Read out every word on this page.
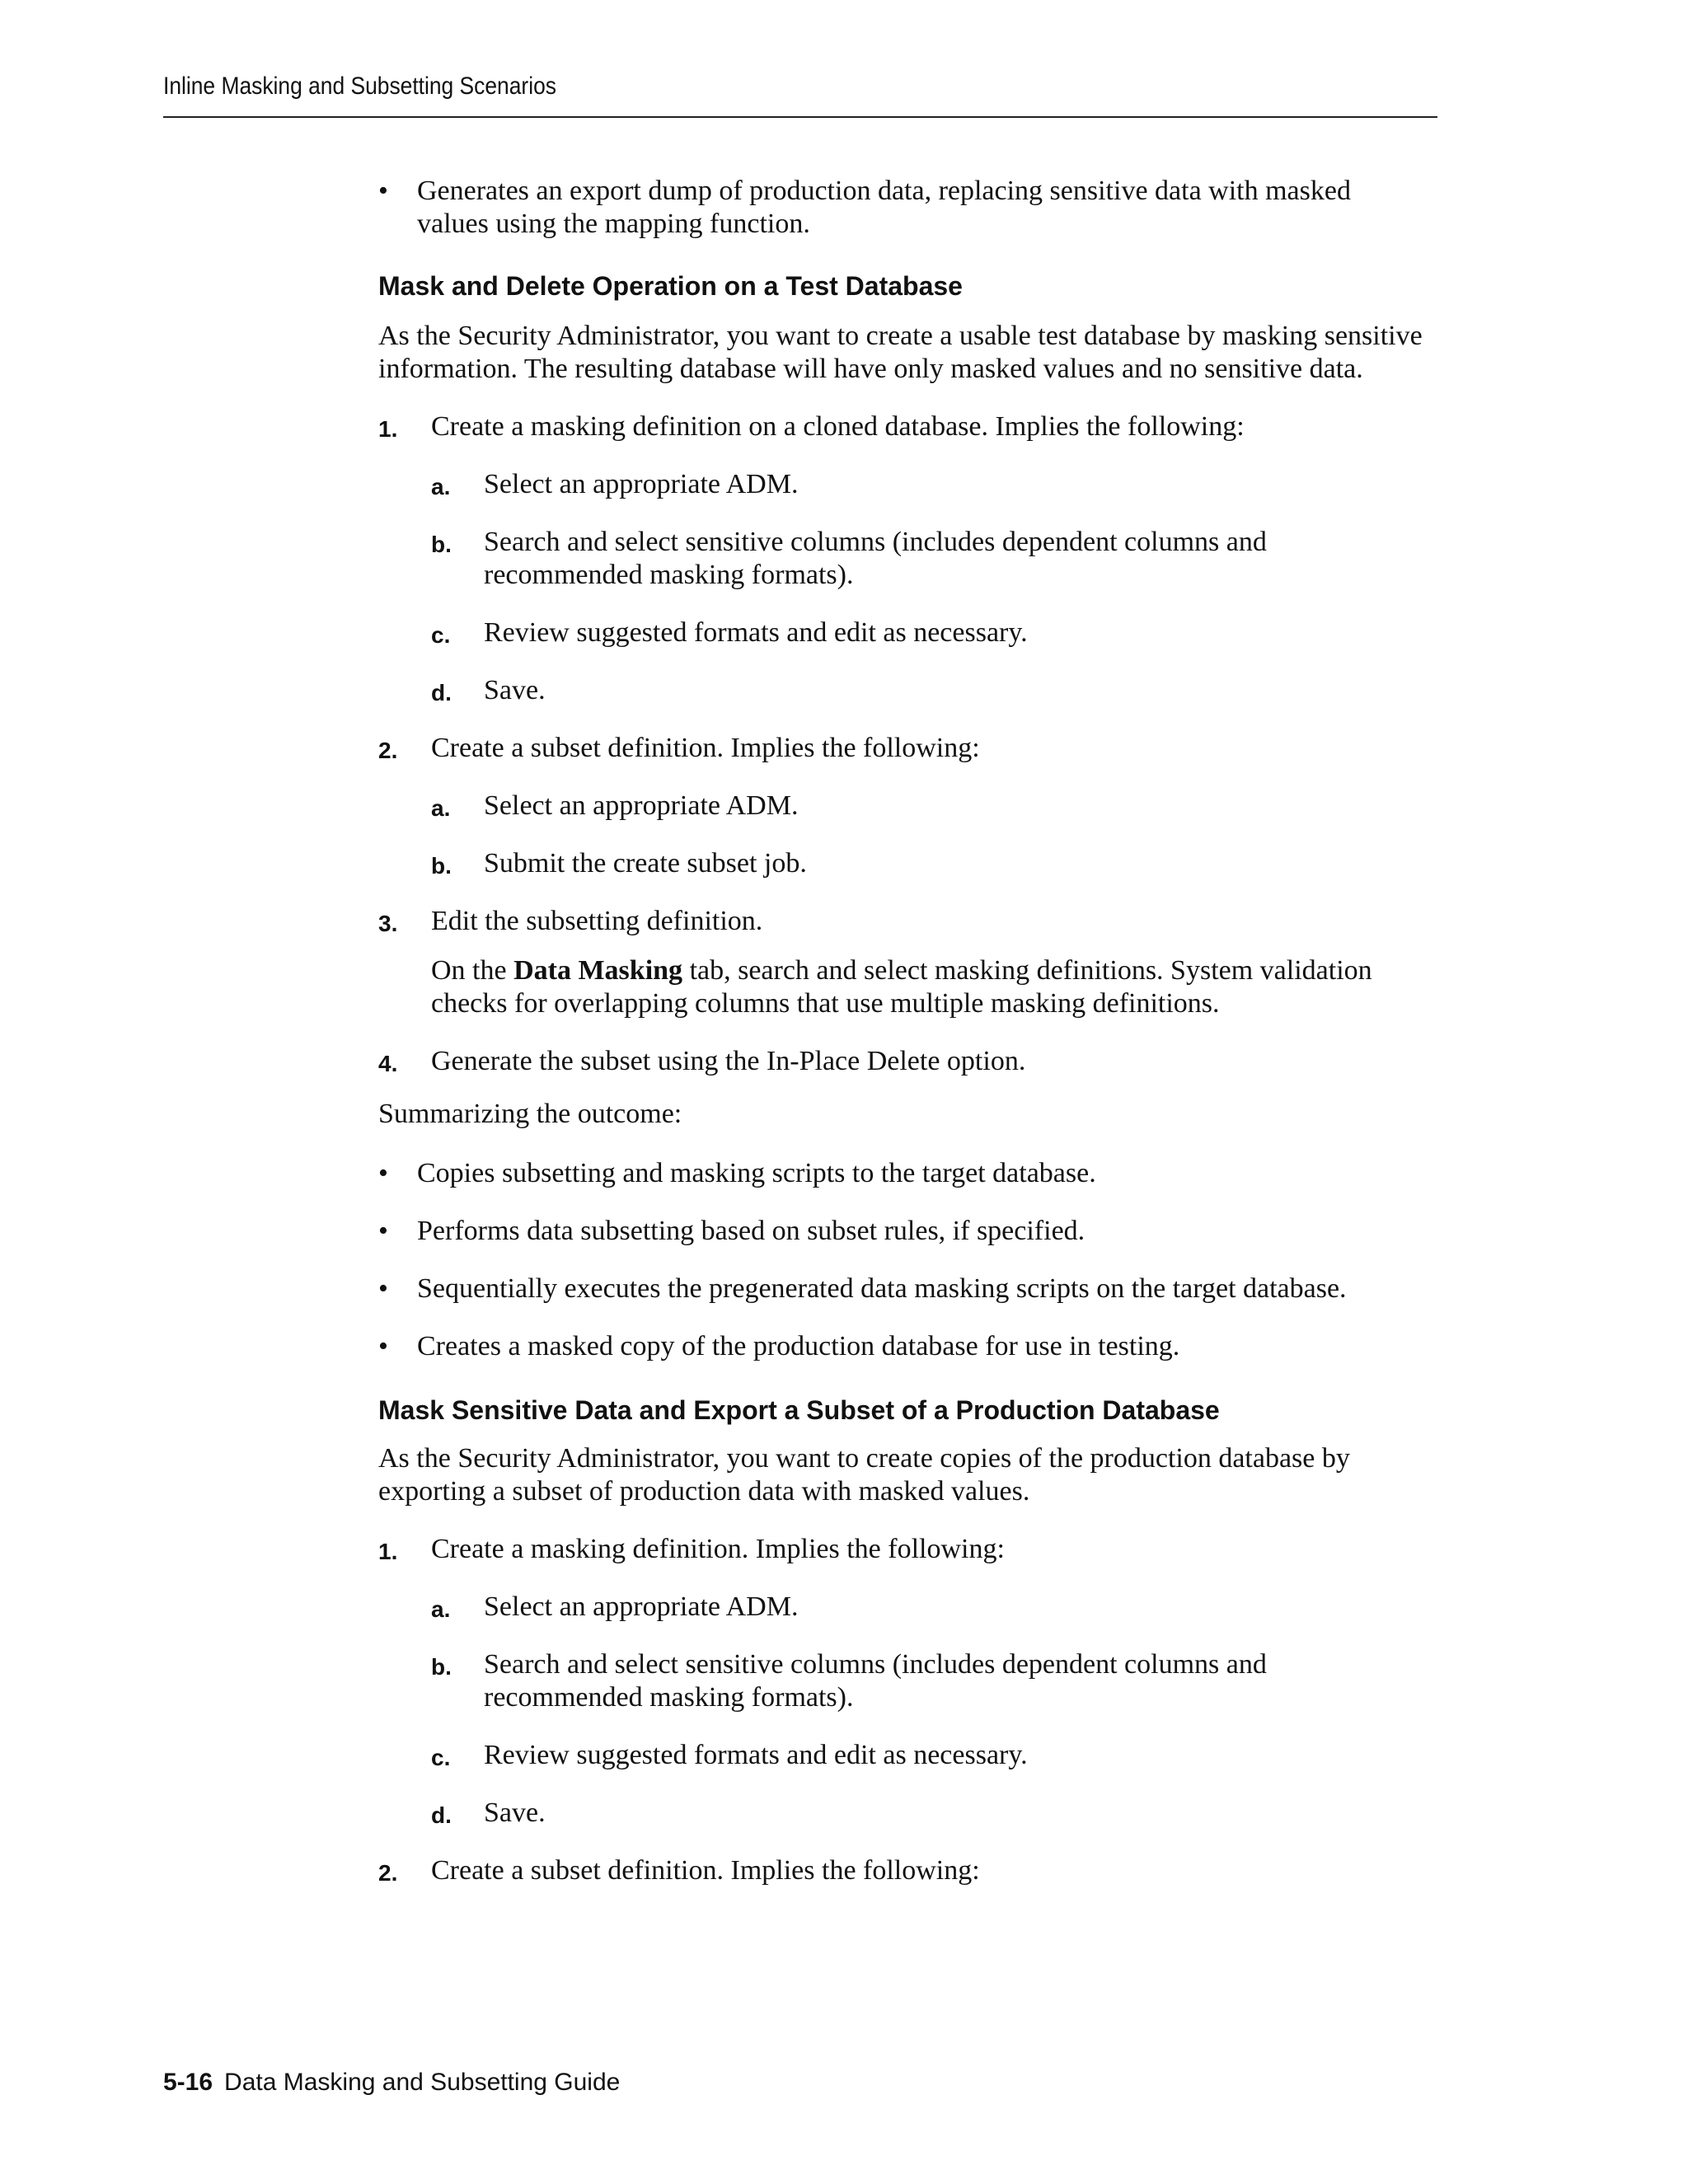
Inline Masking and Subsetting Scenarios
• Generates an export dump of production data, replacing sensitive data with masked values using the mapping function.
Mask and Delete Operation on a Test Database

As the Security Administrator, you want to create a usable test database by masking sensitive information. The resulting database will have only masked values and no sensitive data.

1. Create a masking definition on a cloned database. Implies the following:
a. Select an appropriate ADM.
b. Search and select sensitive columns (includes dependent columns and recommended masking formats).
c. Review suggested formats and edit as necessary.
d. Save.
2. Create a subset definition. Implies the following:
a. Select an appropriate ADM.
b. Submit the create subset job.
3. Edit the subsetting definition.

On the Data Masking tab, search and select masking definitions. System validation checks for overlapping columns that use multiple masking definitions.

4. Generate the subset using the In-Place Delete option.

Summarizing the outcome:

• Copies subsetting and masking scripts to the target database.
• Performs data subsetting based on subset rules, if specified.
• Sequentially executes the pregenerated data masking scripts on the target database.
• Creates a masked copy of the production database for use in testing.
Mask Sensitive Data and Export a Subset of a Production Database

As the Security Administrator, you want to create copies of the production database by exporting a subset of production data with masked values.

1. Create a masking definition. Implies the following:
a. Select an appropriate ADM.
b. Search and select sensitive columns (includes dependent columns and recommended masking formats).
c. Review suggested formats and edit as necessary.
d. Save.
2. Create a subset definition. Implies the following:
5-16 Data Masking and Subsetting Guide
